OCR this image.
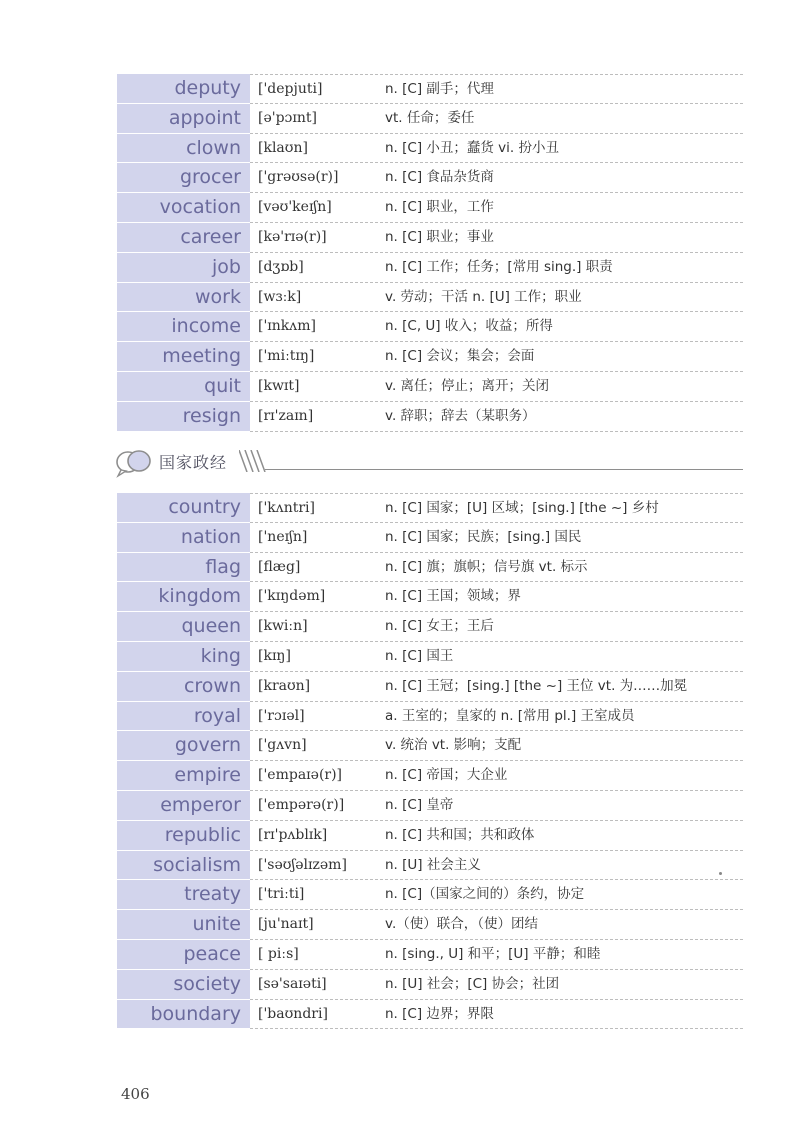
deputy	['depjuti]	n. [C] 副手；代理
appoint	[ə'pɔɪnt]	vt. 任命；委任
clown	[klaʊn]	n. [C] 小丑；蠢货 vi. 扮小丑
grocer	['grəʊsə(r)]	n. [C] 食品杂货商
vocation	[vəʊ'keɪʃn]	n. [C] 职业，工作
career	[kə'rɪə(r)]	n. [C] 职业；事业
job	[dʒɒb]	n. [C] 工作；任务；[常用 sing.] 职责
work	[wɜːk]	v. 劳动；干活 n. [U] 工作；职业
income	['ɪnkʌm]	n. [C, U] 收入；收益；所得
meeting	['miːtɪŋ]	n. [C] 会议；集会；会面
quit	[kwɪt]	v. 离任；停止；离开；关闭
resign	[rɪ'zaɪn]	v. 辞职；辞去（某职务）
国家政经
country	['kʌntri]	n. [C] 国家；[U] 区域；[sing.] [the ~] 乡村
nation	['neɪʃn]	n. [C] 国家；民族；[sing.] 国民
flag	[flæg]	n. [C] 旗；旗帜；信号旗 vt. 标示
kingdom	['kɪŋdəm]	n. [C] 王国；领域；界
queen	[kwiːn]	n. [C] 女王；王后
king	[kɪŋ]	n. [C] 国王
crown	[kraʊn]	n. [C] 王冠；[sing.] [the ~] 王位 vt. 为……加冕
royal	['rɔɪəl]	a. 王室的；皇家的 n. [常用 pl.] 王室成员
govern	['gʌvn]	v. 统治 vt. 影响；支配
empire	['empaɪə(r)]	n. [C] 帝国；大企业
emperor	['empərə(r)]	n. [C] 皇帝
republic	[rɪ'pʌblɪk]	n. [C] 共和国；共和政体
socialism	['səʊʃəlɪzəm]	n. [U] 社会主义
treaty	['triːti]	n. [C]（国家之间的）条约，协定
unite	[ju'naɪt]	v.（使）联合，（使）团结
peace	[ piːs]	n. [sing., U] 和平；[U] 平静；和睦
society	[sə'saɪəti]	n. [U] 社会；[C] 协会；社团
boundary	['baʊndri]	n. [C] 边界；界限
406
